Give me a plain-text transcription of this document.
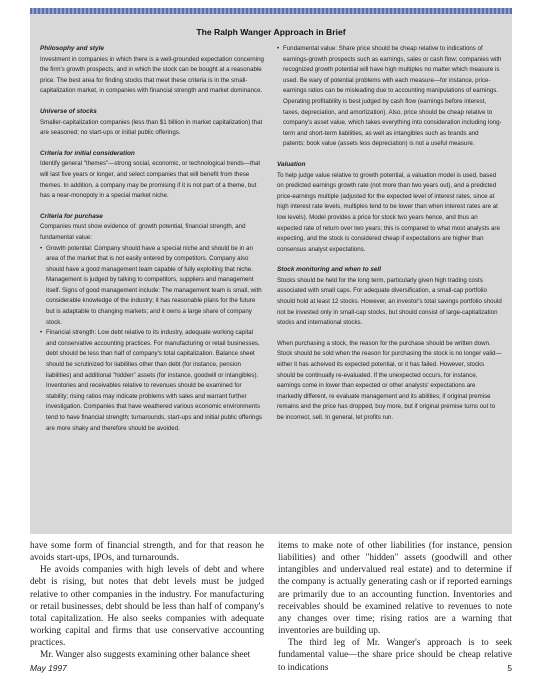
The Ralph Wanger Approach in Brief
Philosophy and style

Investment in companies in which there is a well-grounded expectation concerning the firm's growth prospects, and in which the stock can be bought at a reasonable price. The best area for finding stocks that meet these criteria is in the small-capitalization market, in companies with financial strength and market dominance.

Universe of stocks

Smaller-capitalization companies (less than $1 billion in market capitalization) that are seasoned; no start-ups or initial public offerings.

Criteria for initial consideration

Identify general "themes"—strong social, economic, or technological trends—that will last five years or longer, and select companies that will benefit from these themes. In addition, a company may be promising if it is not part of a theme, but has a near-monopoly in a special market niche.

Criteria for purchase

Companies must show evidence of: growth potential, financial strength, and fundamental value:

• Growth potential: Company should have a special niche and should be in an area of the market that is not easily entered by competitors. Company also should have a good management team capable of fully exploiting that niche. Management is judged by talking to competitors, suppliers and management itself. Signs of good management include: The management team is small, with considerable knowledge of the industry; it has reasonable plans for the future but is adaptable to changing markets; and it owns a large share of company stock.
• Financial strength: Low debt relative to its industry, adequate working capital and conservative accounting practices. For manufacturing or retail businesses, debt should be less than half of company's total capitalization. Balance sheet should be scrutinized for liabilities other than debt (for instance, pension liabilities) and additional "hidden" assets (for instance, goodwill or intangibles). Inventories and receivables relative to revenues should be examined for stability; rising ratios may indicate problems with sales and warrant further investigation. Companies that have weathered various economic environments tend to have financial strength; turnarounds, start-ups and initial public offerings are more shaky and therefore should be avoided.
• Fundamental value: Share price should be cheap relative to indications of earnings-growth prospects such as earnings, sales or cash flow; companies with recognized growth potential will have high multiples no matter which measure is used. Be wary of potential problems with each measure—for instance, price-earnings ratios can be misleading due to accounting manipulations of earnings. Operating profitability is best judged by cash flow (earnings before interest, taxes, depreciation, and amortization). Also, price should be cheap relative to company's asset value, which takes everything into consideration including long-term and short-term liabilities, as well as intangibles such as brands and patents; book value (assets less depreciation) is not a useful measure.
Valuation

To help judge value relative to growth potential, a valuation model is used, based on predicted earnings growth rate (not more than two years out), and a predicted price-earnings multiple (adjusted for the expected level of interest rates, since at high interest rate levels, multiples tend to be lower than when interest rates are at low levels). Model provides a price for stock two years hence, and thus an expected rate of return over two years; this is compared to what most analysts are expecting, and the stock is considered cheap if expectations are higher than consensus analyst expectations.

Stock monitoring and when to sell

Stocks should be held for the long term, particularly given high trading costs associated with small caps. For adequate diversification, a small-cap portfolio should hold at least 12 stocks. However, an investor's total savings portfolio should not be invested only in small-cap stocks, but should consist of large-capitalization stocks and international stocks.

When purchasing a stock, the reason for the purchase should be written down. Stock should be sold when the reason for purchasing the stock is no longer valid—either it has acheived its expected potential, or it has failed. However, stocks should be continually re-evaluated. If the unexpected occurs, for instance, earnings come in lower than expected or other analysts' expectations are markedly different, re evaluate management and its abilities; if original premise remains and the price has dropped, buy more, but if original premise turns out to be incorrect, sell. In general, let profits run.

have some form of financial strength, and for that reason he avoids start-ups, IPOs, and turnarounds.

He avoids companies with high levels of debt and where debt is rising, but notes that debt levels must be judged relative to other companies in the industry. For manufacturing or retail businesses, debt should be less than half of company's total capitalization. He also seeks companies with adequate working capital and firms that use conservative accounting practices.

Mr. Wanger also suggests examining other balance sheet

items to make note of other liabilities (for instance, pension liabilities) and other "hidden" assets (goodwill and other intangibles and undervalued real estate) and to determine if the company is actually generating cash or if reported earnings are primarily due to an accounting function. Inventories and receivables should be examined relative to revenues to note any changes over time; rising ratios are a warning that inventories are building up.

The third leg of Mr. Wanger's approach is to seek fundamental value—the share price should be cheap relative to indications

May 1997	5
